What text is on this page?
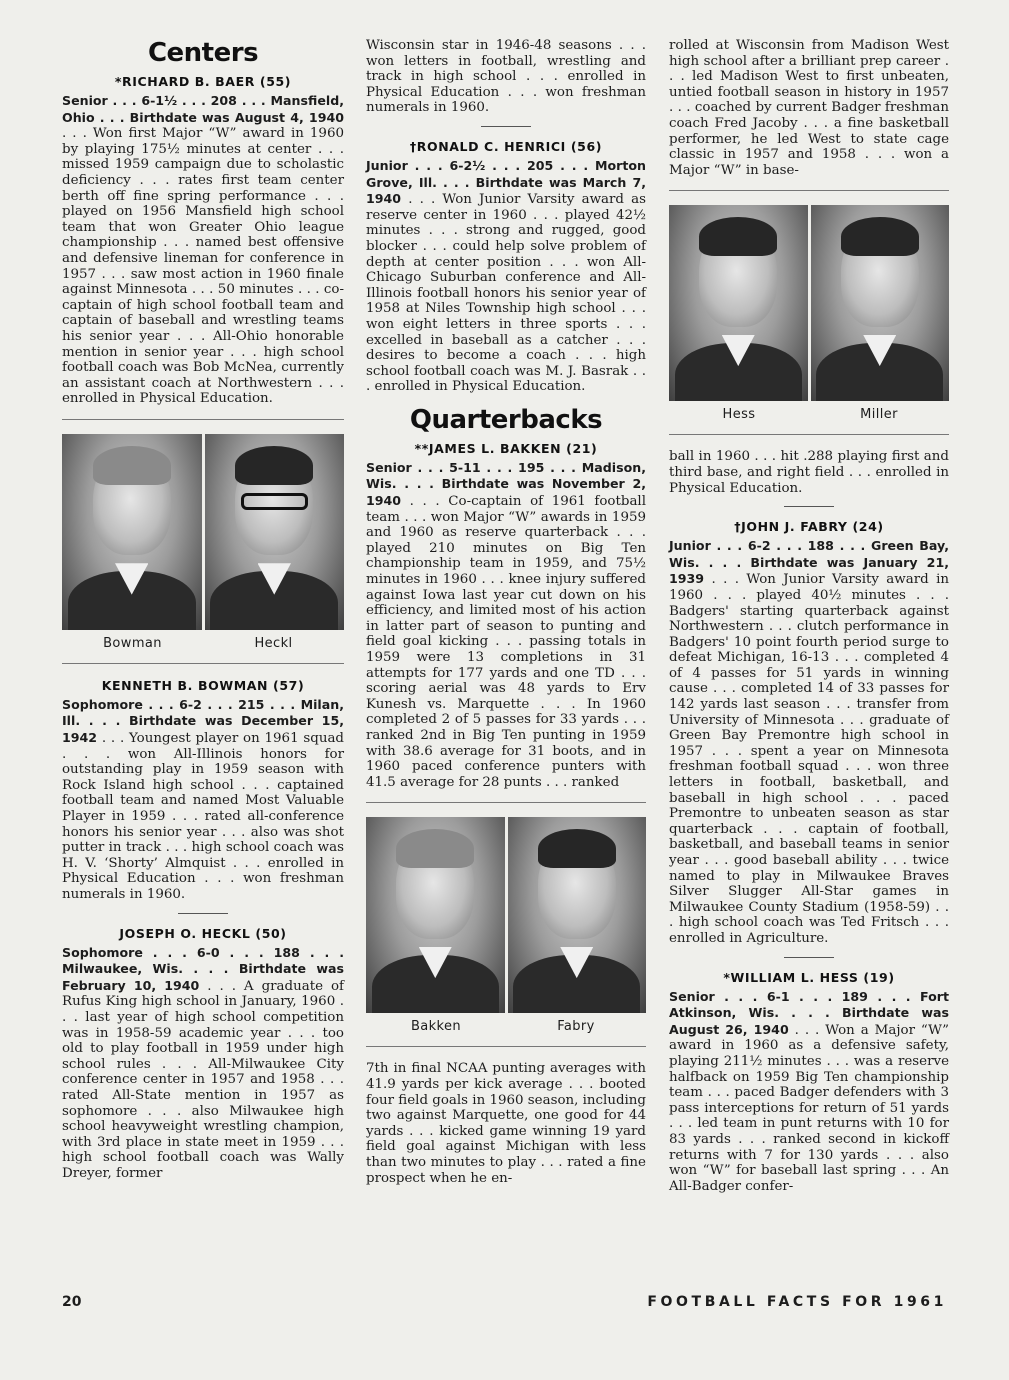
Centers
*RICHARD B. BAER (55)

Senior . . . 6-1½ . . . 208 . . . Mansfield, Ohio . . . Birthdate was August 4, 1940 . . . Won first Major “W” award in 1960 by playing 175½ minutes at center . . . missed 1959 campaign due to scholastic deficiency . . . rates first team center berth off fine spring performance . . . played on 1956 Mansfield high school team that won Greater Ohio league championship . . . named best offensive and defensive lineman for conference in 1957 . . . saw most action in 1960 finale against Minnesota . . . 50 minutes . . . co-captain of high school football team and captain of baseball and wrestling teams his senior year . . . All-Ohio honorable mention in senior year . . . high school football coach was Bob McNea, currently an assistant coach at Northwestern . . . enrolled in Physical Education.

Bowman	Heckl
KENNETH B. BOWMAN (57)

Sophomore . . . 6-2 . . . 215 . . . Milan, Ill. . . . Birthdate was December 15, 1942 . . . Youngest player on 1961 squad . . . won All-Illinois honors for outstanding play in 1959 season with Rock Island high school . . . captained football team and named Most Valuable Player in 1959 . . . rated all-conference honors his senior year . . . also was shot putter in track . . . high school coach was H. V. ‘Shorty’ Almquist . . . enrolled in Physical Education . . . won freshman numerals in 1960.

JOSEPH O. HECKL (50)

Sophomore . . . 6-0 . . . 188 . . . Milwaukee, Wis. . . . Birthdate was February 10, 1940 . . . A graduate of Rufus King high school in January, 1960 . . . last year of high school competition was in 1958-59 academic year . . . too old to play football in 1959 under high school rules . . . All-Milwaukee City conference center in 1957 and 1958 . . . rated All-State mention in 1957 as sophomore . . . also Milwaukee high school heavyweight wrestling champion, with 3rd place in state meet in 1959 . . . high school football coach was Wally Dreyer, former

Wisconsin star in 1946-48 seasons . . . won letters in football, wrestling and track in high school . . . enrolled in Physical Education . . . won freshman numerals in 1960.

†RONALD C. HENRICI (56)

Junior . . . 6-2½ . . . 205 . . . Morton Grove, Ill. . . . Birthdate was March 7, 1940 . . . Won Junior Varsity award as reserve center in 1960 . . . played 42½ minutes . . . strong and rugged, good blocker . . . could help solve problem of depth at center position . . . won All-Chicago Suburban conference and All-Illinois football honors his senior year of 1958 at Niles Township high school . . . won eight letters in three sports . . . excelled in baseball as a catcher . . . desires to become a coach . . . high school football coach was M. J. Basrak . . . enrolled in Physical Education.

Quarterbacks
**JAMES L. BAKKEN (21)

Senior . . . 5-11 . . . 195 . . . Madison, Wis. . . . Birthdate was November 2, 1940 . . . Co-captain of 1961 football team . . . won Major “W” awards in 1959 and 1960 as reserve quarterback . . . played 210 minutes on Big Ten championship team in 1959, and 75½ minutes in 1960 . . . knee injury suffered against Iowa last year cut down on his efficiency, and limited most of his action in latter part of season to punting and field goal kicking . . . passing totals in 1959 were 13 completions in 31 attempts for 177 yards and one TD . . . scoring aerial was 48 yards to Erv Kunesh vs. Marquette . . . In 1960 completed 2 of 5 passes for 33 yards . . . ranked 2nd in Big Ten punting in 1959 with 38.6 average for 31 boots, and in 1960 paced conference punters with 41.5 average for 28 punts . . . ranked

Bakken	Fabry

7th in final NCAA punting averages with 41.9 yards per kick average . . . booted four field goals in 1960 season, including two against Marquette, one good for 44 yards . . . kicked game winning 19 yard field goal against Michigan with less than two minutes to play . . . rated a fine prospect when he en-

rolled at Wisconsin from Madison West high school after a brilliant prep career . . . led Madison West to first unbeaten, untied football season in history in 1957 . . . coached by current Badger freshman coach Fred Jacoby . . . a fine basketball performer, he led West to state cage classic in 1957 and 1958 . . . won a Major “W” in base-

Hess	Miller

ball in 1960 . . . hit .288 playing first and third base, and right field . . . enrolled in Physical Education.

†JOHN J. FABRY (24)

Junior . . . 6-2 . . . 188 . . . Green Bay, Wis. . . . Birthdate was January 21, 1939 . . . Won Junior Varsity award in 1960 . . . played 40½ minutes . . . Badgers' starting quarterback against Northwestern . . . clutch performance in Badgers' 10 point fourth period surge to defeat Michigan, 16-13 . . . completed 4 of 4 passes for 51 yards in winning cause . . . completed 14 of 33 passes for 142 yards last season . . . transfer from University of Minnesota . . . graduate of Green Bay Premontre high school in 1957 . . . spent a year on Minnesota freshman football squad . . . won three letters in football, basketball, and baseball in high school . . . paced Premontre to unbeaten season as star quarterback . . . captain of football, basketball, and baseball teams in senior year . . . good baseball ability . . . twice named to play in Milwaukee Braves Silver Slugger All-Star games in Milwaukee County Stadium (1958-59) . . . high school coach was Ted Fritsch . . . enrolled in Agriculture.

*WILLIAM L. HESS (19)

Senior . . . 6-1 . . . 189 . . . Fort Atkinson, Wis. . . . Birthdate was August 26, 1940 . . . Won a Major “W” award in 1960 as a defensive safety, playing 211½ minutes . . . was a reserve halfback on 1959 Big Ten championship team . . . paced Badger defenders with 3 pass interceptions for return of 51 yards . . . led team in punt returns with 10 for 83 yards . . . ranked second in kickoff returns with 7 for 130 yards . . . also won “W” for baseball last spring . . . An All-Badger confer-

20	FOOTBALL FACTS FOR 1961
